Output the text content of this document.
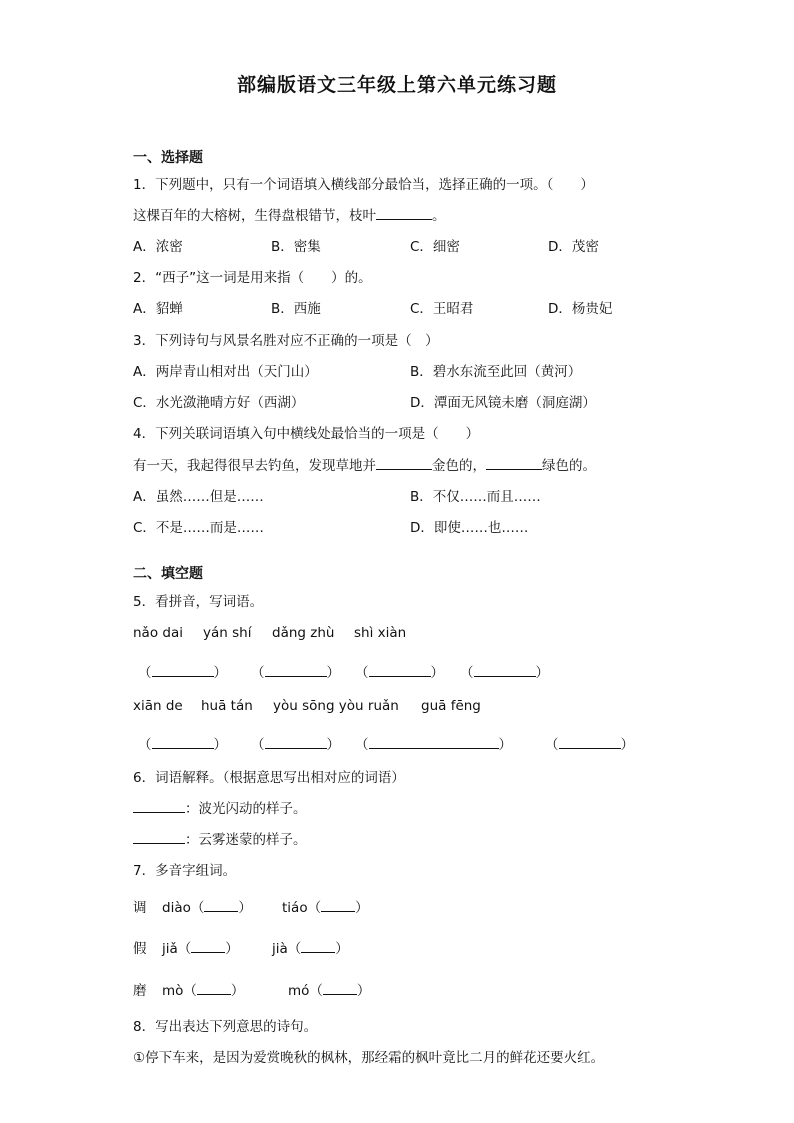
部编版语文三年级上第六单元练习题
一、选择题
1．下列题中，只有一个词语填入横线部分最恰当，选择正确的一项。（　　）
这棵百年的大榕树，生得盘根错节，枝叶	。
A．浓密	B．密集	C．细密	D．茂密
2．“西子”这一词是用来指（　　）的。
A．貂蝉	B．西施	C．王昭君	D．杨贵妃
3．下列诗句与风景名胜对应不正确的一项是（　）
A．两岸青山相对出（天门山）	B．碧水东流至此回（黄河）
C．水光潋滟晴方好（西湖）	D．潭面无风镜未磨（洞庭湖）
4．下列关联词语填入句中横线处最恰当的一项是（　　）
有一天，我起得很早去钓鱼，发现草地并	金色的，	绿色的。
A．虽然……但是……	B．不仅……而且……
C．不是……而是……	D．即使……也……
二、填空题
5．看拼音，写词语。
nǎo dai yán shí dǎng zhù shì xiàn
（	） （	） （	） （	）
xiān de huā tán yòu sōng yòu ruǎn guā fēng
（	） （	） （	） （	）
6．词语解释。（根据意思写出相对应的词语）
：波光闪动的样子。
：云雾迷蒙的样子。
7．多音字组词。
调 diào（	） tiáo（	）
假 jiǎ（	） jià（	）
磨 mò（	）	mó（	）
8．写出表达下列意思的诗句。
①停下车来，是因为爱赏晚秋的枫林，那经霜的枫叶竟比二月的鲜花还要火红。
